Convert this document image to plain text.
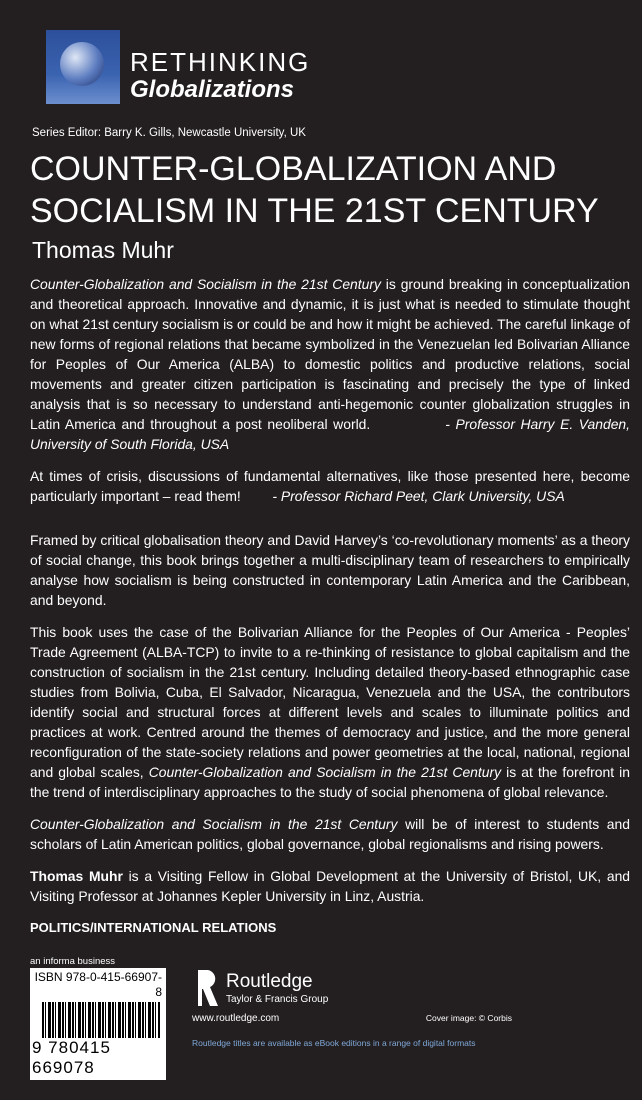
RETHINKING
Globalizations
Series Editor: Barry K. Gills, Newcastle University, UK
COUNTER-GLOBALIZATION AND SOCIALISM IN THE 21ST CENTURY
Thomas Muhr
Counter-Globalization and Socialism in the 21st Century is ground breaking in conceptualization and theoretical approach. Innovative and dynamic, it is just what is needed to stimulate thought on what 21st century socialism is or could be and how it might be achieved. The careful linkage of new forms of regional relations that became symbolized in the Venezuelan led Bolivarian Alliance for Peoples of Our America (ALBA) to domestic politics and productive relations, social movements and greater citizen participation is fascinating and precisely the type of linked analysis that is so necessary to understand anti-hegemonic counter globalization struggles in Latin America and throughout a post neoliberal world.     	- Professor Harry E. Vanden, University of South Florida, USA
At times of crisis, discussions of fundamental alternatives, like those presented here, become particularly important – read them!   - Professor Richard Peet, Clark University, USA
Framed by critical globalisation theory and David Harvey’s ‘co-revolutionary moments’ as a theory of social change, this book brings together a multi-disciplinary team of researchers to empirically analyse how socialism is being constructed in contemporary Latin America and the Caribbean, and beyond.
This book uses the case of the Bolivarian Alliance for the Peoples of Our America - Peoples’ Trade Agreement (ALBA-TCP) to invite to a re-thinking of resistance to global capitalism and the construction of socialism in the 21st century. Including detailed theory-based ethnographic case studies from Bolivia, Cuba, El Salvador, Nicaragua, Venezuela and the USA, the contributors identify social and structural forces at different levels and scales to illuminate politics and practices at work. Centred around the themes of democracy and justice, and the more general reconfiguration of the state-society relations and power geometries at the local, national, regional and global scales, Counter-Globalization and Socialism in the 21st Century is at the forefront in the trend of interdisciplinary approaches to the study of social phenomena of global relevance.
Counter-Globalization and Socialism in the 21st Century will be of interest to students and scholars of Latin American politics, global governance, global regionalisms and rising powers.
Thomas Muhr is a Visiting Fellow in Global Development at the University of Bristol, UK, and Visiting Professor at Johannes Kepler University in Linz, Austria.
POLITICS/INTERNATIONAL RELATIONS
an informa business
ISBN 978-0-415-66907-8
9 780415 669078
Routledge
Taylor & Francis Group
www.routledge.com	Cover image: © Corbis
Routledge titles are available as eBook editions in a range of digital formats
